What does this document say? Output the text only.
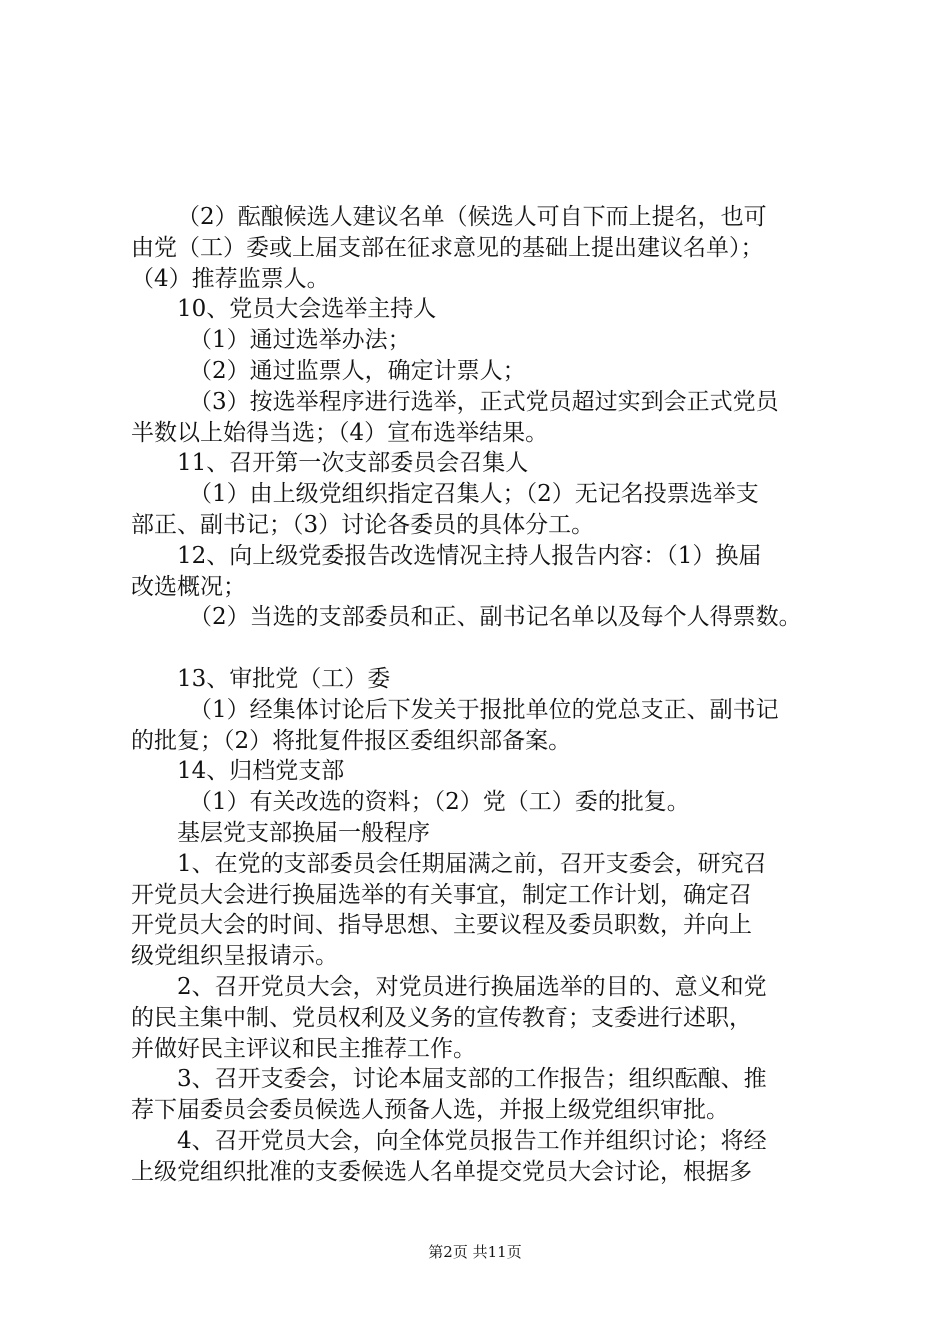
（2）酝酿候选人建议名单（候选人可自下而上提名，也可
由党（工）委或上届支部在征求意见的基础上提出建议名单）；
（4）推荐监票人。
10、党员大会选举主持人
（1）通过选举办法；
（2）通过监票人，确定计票人；
（3）按选举程序进行选举，正式党员超过实到会正式党员
半数以上始得当选；（4）宣布选举结果。
11、召开第一次支部委员会召集人
（1）由上级党组织指定召集人；（2）无记名投票选举支
部正、副书记；（3）讨论各委员的具体分工。
12、向上级党委报告改选情况主持人报告内容：（1）换届
改选概况；
（2）当选的支部委员和正、副书记名单以及每个人得票数。
13、审批党（工）委
（1）经集体讨论后下发关于报批单位的党总支正、副书记
的批复；（2）将批复件报区委组织部备案。
14、归档党支部
（1）有关改选的资料；（2）党（工）委的批复。
基层党支部换届一般程序
1、在党的支部委员会任期届满之前，召开支委会，研究召
开党员大会进行换届选举的有关事宜，制定工作计划，确定召
开党员大会的时间、指导思想、主要议程及委员职数，并向上
级党组织呈报请示。
2、召开党员大会，对党员进行换届选举的目的、意义和党
的民主集中制、党员权利及义务的宣传教育；支委进行述职，
并做好民主评议和民主推荐工作。
3、召开支委会，讨论本届支部的工作报告；组织酝酿、推
荐下届委员会委员候选人预备人选，并报上级党组织审批。
4、召开党员大会，向全体党员报告工作并组织讨论；将经
上级党组织批准的支委候选人名单提交党员大会讨论，根据多
第2页 共11页
